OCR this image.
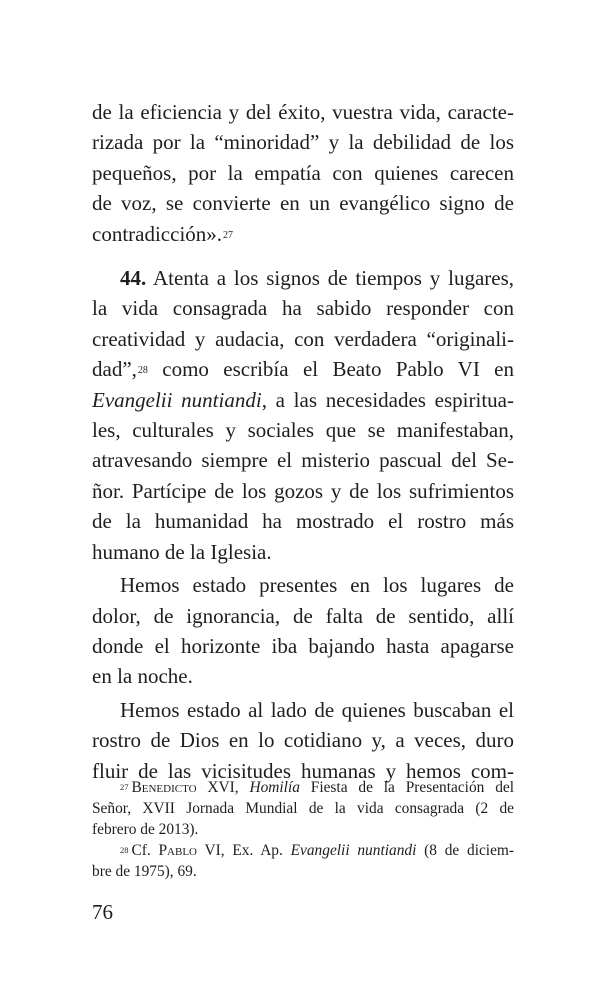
de la eficiencia y del éxito, vuestra vida, caracte-
rizada por la “minoridad” y la debilidad de los
pequeños, por la empatía con quienes carecen
de voz, se convierte en un evangélico signo de
contradicción».$^{27}$
44. Atenta a los signos de tiempos y lugares,
la vida consagrada ha sabido responder con
creatividad y audacia, con verdadera “originali-
dad”,$^{28}$ como escribía el Beato Pablo VI en
Evangelii nuntiandi, a las necesidades espiritua-
les, culturales y sociales que se manifestaban,
atravesando siempre el misterio pascual del Se-
ñor. Partícipe de los gozos y de los sufrimientos
de la humanidad ha mostrado el rostro más
humano de la Iglesia.
Hemos estado presentes en los lugares de
dolor, de ignorancia, de falta de sentido, allí
donde el horizonte iba bajando hasta apagarse
en la noche.
Hemos estado al lado de quienes buscaban el
rostro de Dios en lo cotidiano y, a veces, duro
fluir de las vicisitudes humanas y hemos com-
$^{27}$ Benedicto XVI, Homilía Fiesta de la Presentación del
Señor, XVII Jornada Mundial de la vida consagrada (2 de
febrero de 2013).
$^{28}$ Cf. Pablo VI, Ex. Ap. Evangelii nuntiandi (8 de diciem-
bre de 1975), 69.
76
